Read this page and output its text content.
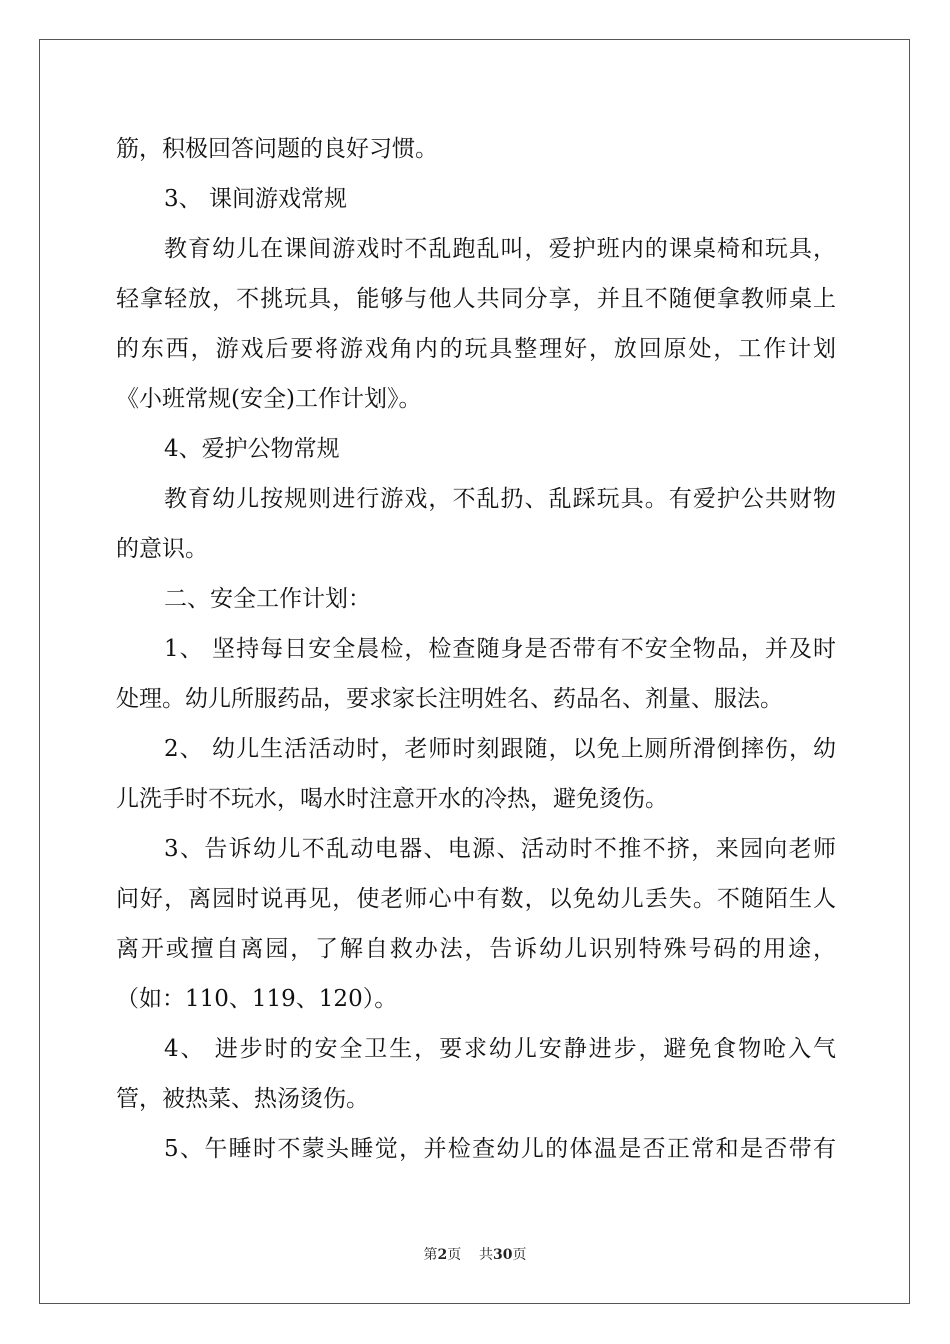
筋，积极回答问题的良好习惯。
3、 课间游戏常规
教育幼儿在课间游戏时不乱跑乱叫，爱护班内的课桌椅和玩具，
轻拿轻放，不挑玩具，能够与他人共同分享，并且不随便拿教师桌上
的东西，游戏后要将游戏角内的玩具整理好，放回原处，工作计划
《小班常规(安全)工作计划》。
4、爱护公物常规
教育幼儿按规则进行游戏，不乱扔、乱踩玩具。有爱护公共财物
的意识。
二、安全工作计划：
1、 坚持每日安全晨检，检查随身是否带有不安全物品，并及时
处理。幼儿所服药品，要求家长注明姓名、药品名、剂量、服法。
2、 幼儿生活活动时，老师时刻跟随，以免上厕所滑倒摔伤，幼
儿洗手时不玩水，喝水时注意开水的冷热，避免烫伤。
3、告诉幼儿不乱动电器、电源、活动时不推不挤，来园向老师
问好，离园时说再见，使老师心中有数，以免幼儿丢失。不随陌生人
离开或擅自离园，了解自救办法，告诉幼儿识别特殊号码的用途，
（如：110、119、120）。
4、 进步时的安全卫生，要求幼儿安静进步，避免食物呛入气
管，被热菜、热汤烫伤。
5、午睡时不蒙头睡觉，并检查幼儿的体温是否正常和是否带有
第2页 共30页
